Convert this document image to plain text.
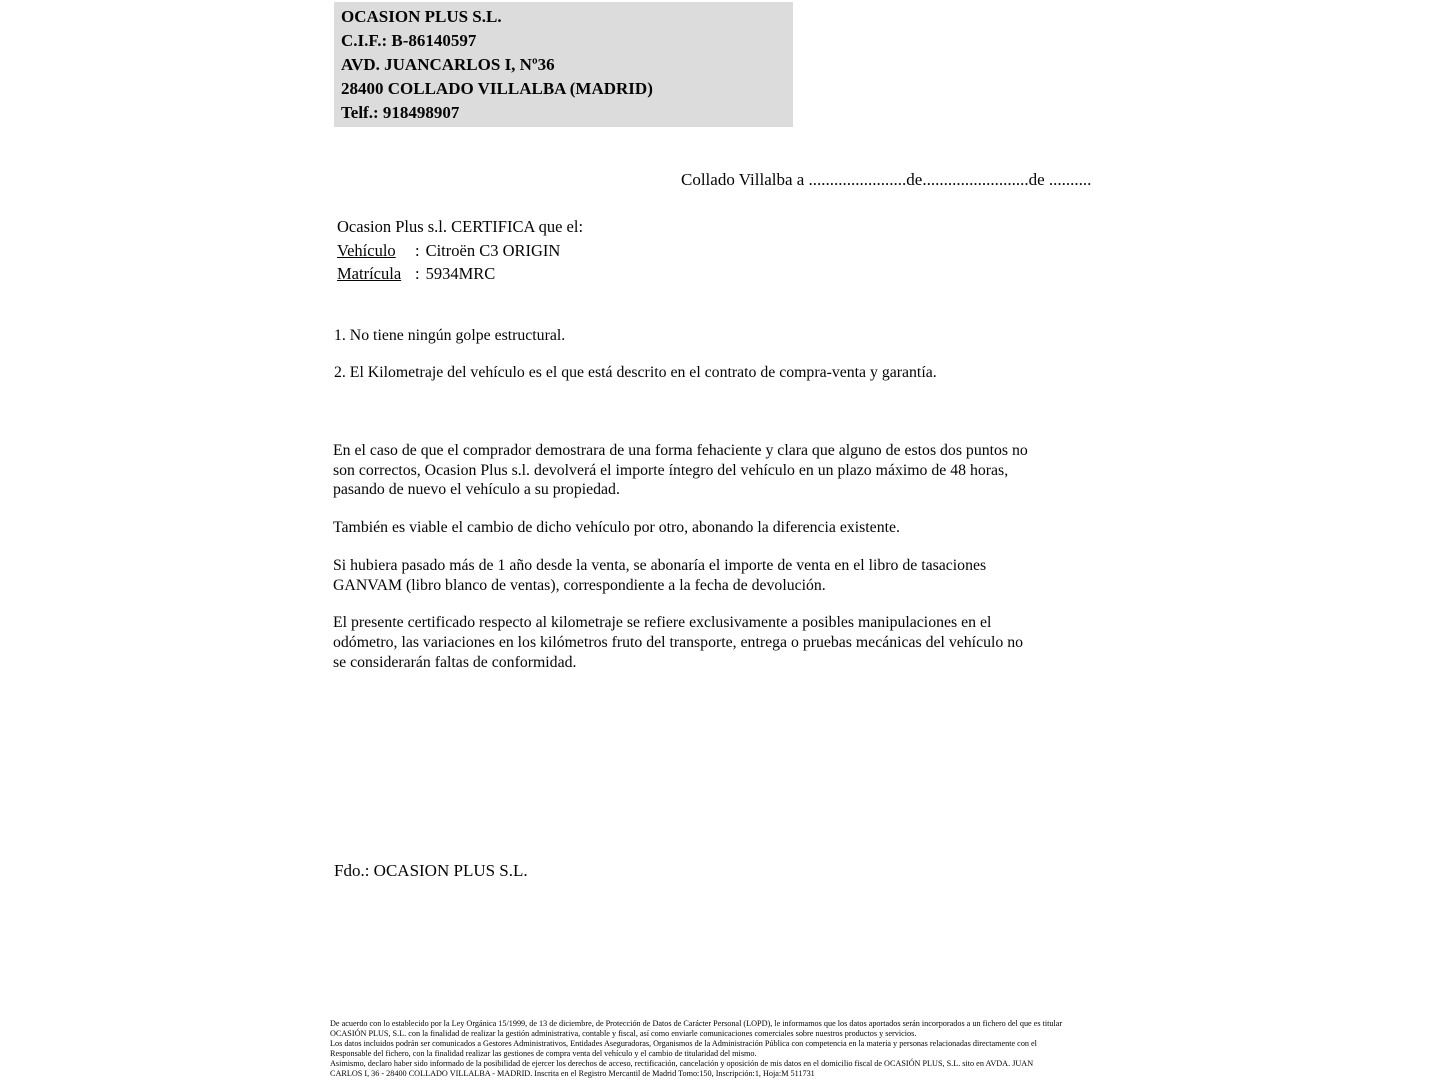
OCASION PLUS S.L.
C.I.F.: B-86140597
AVD. JUANCARLOS I, Nº36
28400 COLLADO VILLALBA (MADRID)
Telf.: 918498907
Collado Villalba a .......................de.........................de ..........
Ocasion Plus s.l. CERTIFICA que el:
Vehículo : Citroën C3 ORIGIN
Matrícula : 5934MRC
1. No tiene ningún golpe estructural.
2. El Kilometraje del vehículo es el que está descrito en el contrato de compra-venta y garantía.
En el caso de que el comprador demostrara de una forma fehaciente y clara que alguno de estos dos puntos no
son correctos, Ocasion Plus s.l. devolverá el importe íntegro del vehículo en un plazo máximo de 48 horas,
pasando de nuevo el vehículo a su propiedad.
También es viable el cambio de dicho vehículo por otro, abonando la diferencia existente.
Si hubiera pasado más de 1 año desde la venta, se abonaría el importe de venta en el libro de tasaciones
GANVAM (libro blanco de ventas), correspondiente a la fecha de devolución.
El presente certificado respecto al kilometraje se refiere exclusivamente a posibles manipulaciones en el
odómetro, las variaciones en los kilómetros fruto del transporte, entrega o pruebas mecánicas del vehículo no
se considerarán faltas de conformidad.
Fdo.: OCASION PLUS S.L.
De acuerdo con lo establecido por la Ley Orgánica 15/1999, de 13 de diciembre, de Protección de Datos de Carácter Personal (LOPD), le informamos que los datos aportados serán incorporados a un fichero del que es titular
OCASIÓN PLUS, S.L. con la finalidad de realizar la gestión administrativa, contable y fiscal, así como enviarle comunicaciones comerciales sobre nuestros productos y servicios.
Los datos incluidos podrán ser comunicados a Gestores Administrativos, Entidades Aseguradoras, Organismos de la Administración Pública con competencia en la materia y personas relacionadas directamente con el
Responsable del fichero, con la finalidad realizar las gestiones de compra venta del vehículo y el cambio de titularidad del mismo.
Asimismo, declaro haber sido informado de la posibilidad de ejercer los derechos de acceso, rectificación, cancelación y oposición de mis datos en el domicilio fiscal de OCASIÓN PLUS, S.L. sito en AVDA. JUAN
CARLOS I, 36 - 28400 COLLADO VILLALBA - MADRID. Inscrita en el Registro Mercantil de Madrid Tomo:150, Inscripción:1, Hoja:M 511731
